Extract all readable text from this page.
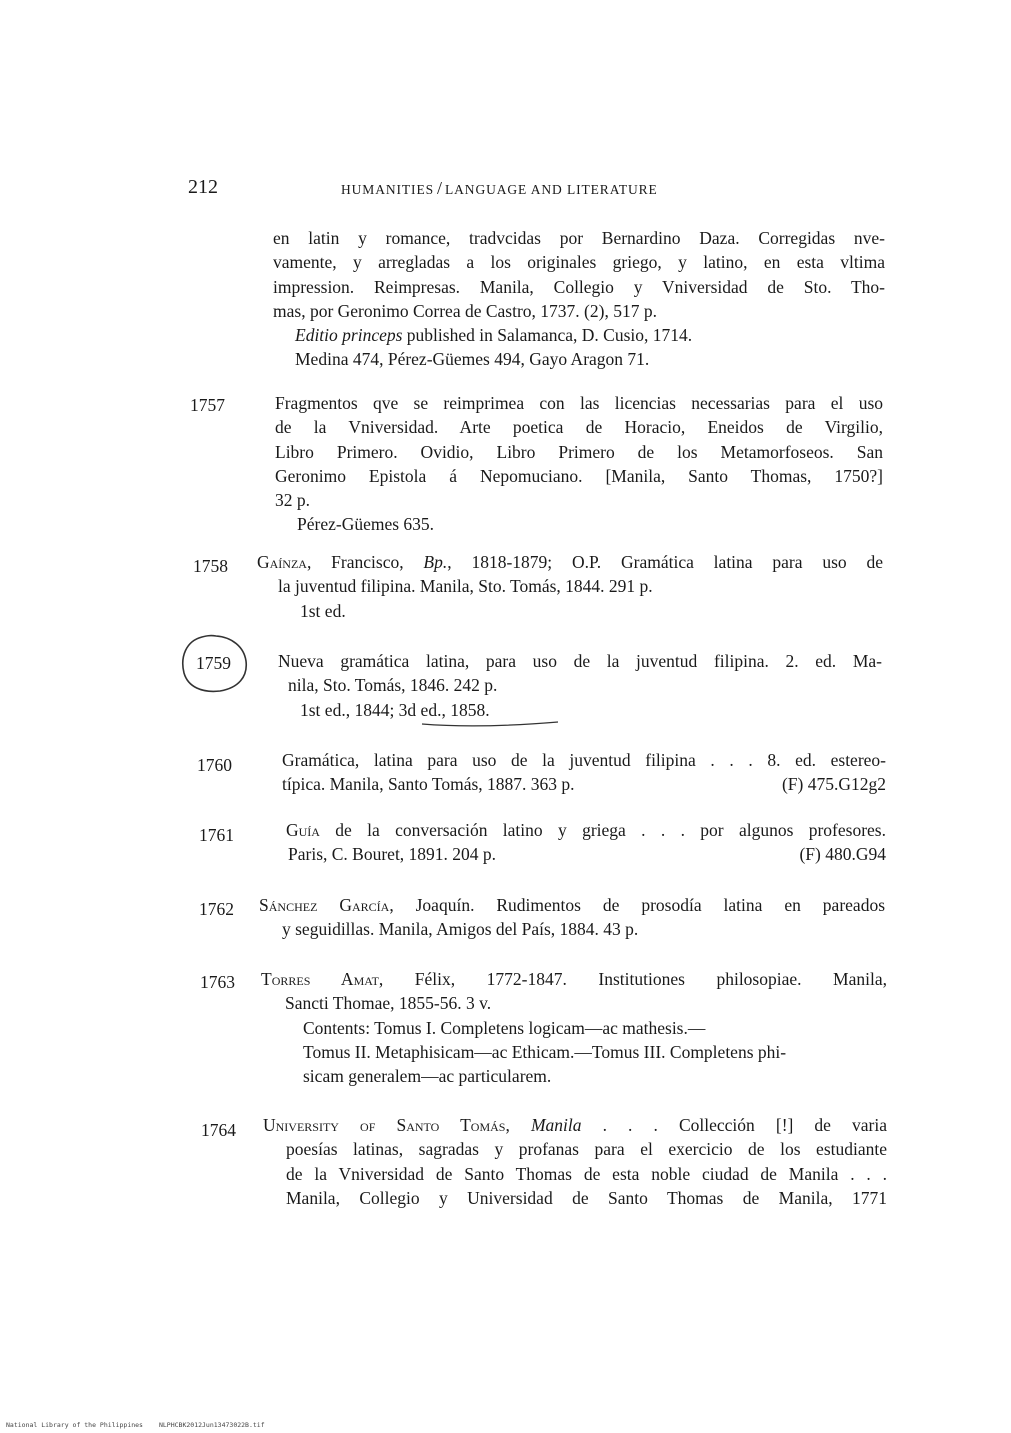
212	HUMANITIES / LANGUAGE AND LITERATURE
en latin y romance, tradvcidas por Bernardino Daza. Corregidas nve-
vamente, y arregladas a los originales griego, y latino, en esta vltima
impression. Reimpresas. Manila, Collegio y Vniversidad de Sto. Tho-
mas, por Geronimo Correa de Castro, 1737. (2), 517 p.
Editio princeps published in Salamanca, D. Cusio, 1714.
Medina 474, Pérez-Güemes 494, Gayo Aragon 71.
1757	Fragmentos qve se reimprimea con las licencias necessarias para el uso
de la Vniversidad. Arte poetica de Horacio, Eneidos de Virgilio,
Libro Primero. Ovidio, Libro Primero de los Metamorfoseos. San
Geronimo Epistola á Nepomuciano. [Manila, Santo Thomas, 1750?]
32 p.
Pérez-Güemes 635.
1758 Gaínza, Francisco, Bp., 1818-1879; O.P. Gramática latina para uso de
la juventud filipina. Manila, Sto. Tomás, 1844. 291 p.
1st ed.
1759	Nueva gramática latina, para uso de la juventud filipina. 2. ed. Ma-
nila, Sto. Tomás, 1846. 242 p.
1st ed., 1844; 3d ed., 1858.
1760	Gramática, latina para uso de la juventud filipina . . . 8. ed. estereo-
típica. Manila, Santo Tomás, 1887. 363 p.	(F) 475.G12g2
1761	Guía de la conversación latino y griega . . . por algunos profesores.
Paris, C. Bouret, 1891. 204 p.	(F) 480.G94
1762 Sánchez García, Joaquín. Rudimentos de prosodía latina en pareados
y seguidillas. Manila, Amigos del País, 1884. 43 p.
1763 Torres Amat, Félix, 1772-1847. Institutiones philosopiae. Manila,
Sancti Thomae, 1855-56. 3 v.
Contents: Tomus I. Completens logicam—ac mathesis.—
Tomus II. Metaphisicam—ac Ethicam.—Tomus III. Completens phi-
sicam generalem—ac particularem.
1764 University of Santo Tomás, Manila . . . Collección [!] de varia
poesías latinas, sagradas y profanas para el exercicio de los estudiante
de la Vniversidad de Santo Thomas de esta noble ciudad de Manila . . .
Manila, Collegio y Universidad de Santo Thomas de Manila, 1771
National Library of the Philippines NLPHCBK2012Jun13473022B.tif
